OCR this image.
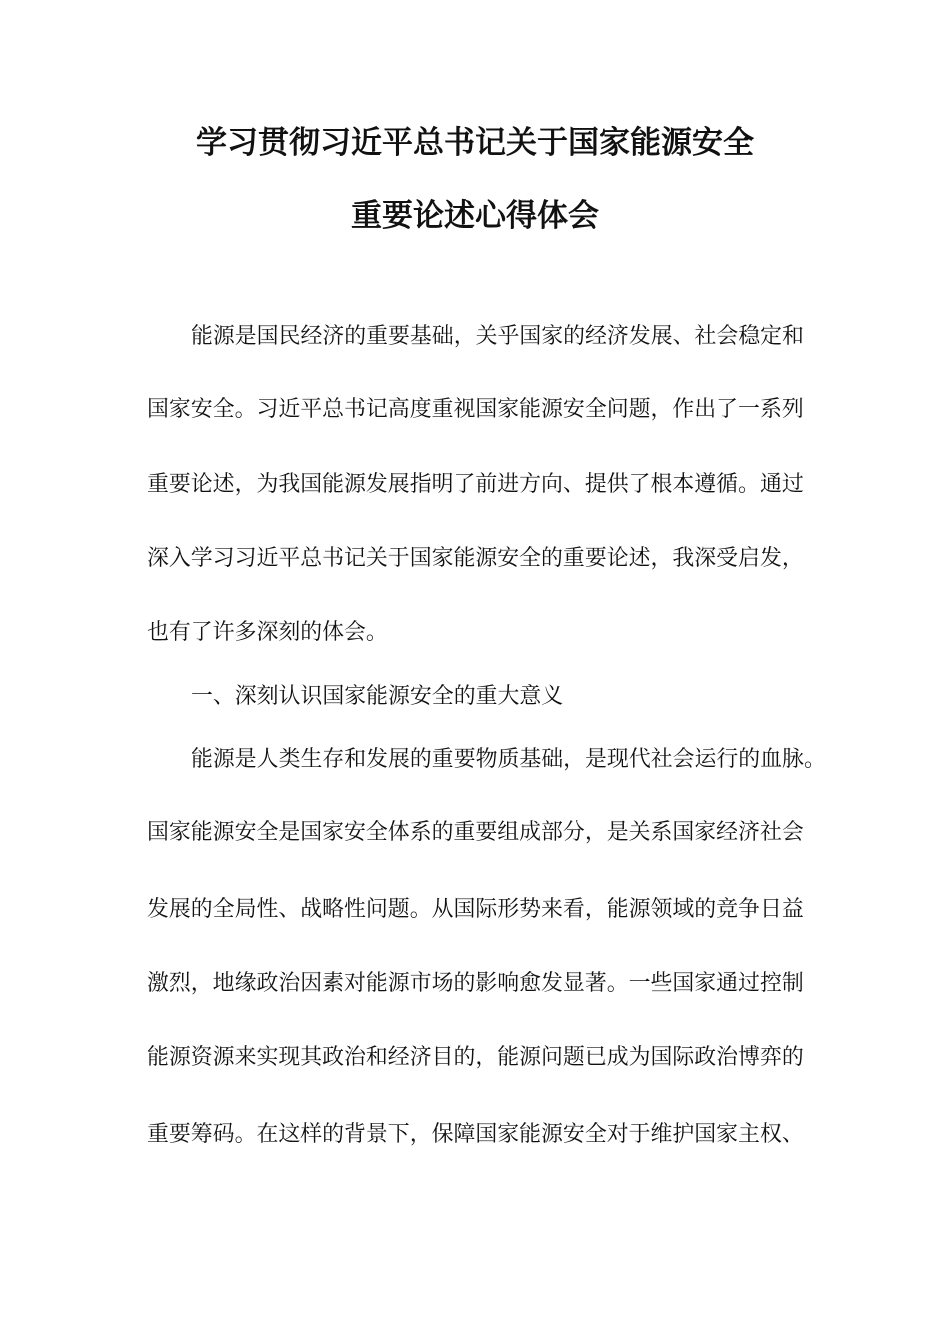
学习贯彻习近平总书记关于国家能源安全
重要论述心得体会
能源是国民经济的重要基础，关乎国家的经济发展、社会稳定和
国家安全。习近平总书记高度重视国家能源安全问题，作出了一系列
重要论述，为我国能源发展指明了前进方向、提供了根本遵循。通过
深入学习习近平总书记关于国家能源安全的重要论述，我深受启发，
也有了许多深刻的体会。
一、深刻认识国家能源安全的重大意义
能源是人类生存和发展的重要物质基础，是现代社会运行的血脉。
国家能源安全是国家安全体系的重要组成部分，是关系国家经济社会
发展的全局性、战略性问题。从国际形势来看，能源领域的竞争日益
激烈，地缘政治因素对能源市场的影响愈发显著。一些国家通过控制
能源资源来实现其政治和经济目的，能源问题已成为国际政治博弈的
重要筹码。在这样的背景下，保障国家能源安全对于维护国家主权、
